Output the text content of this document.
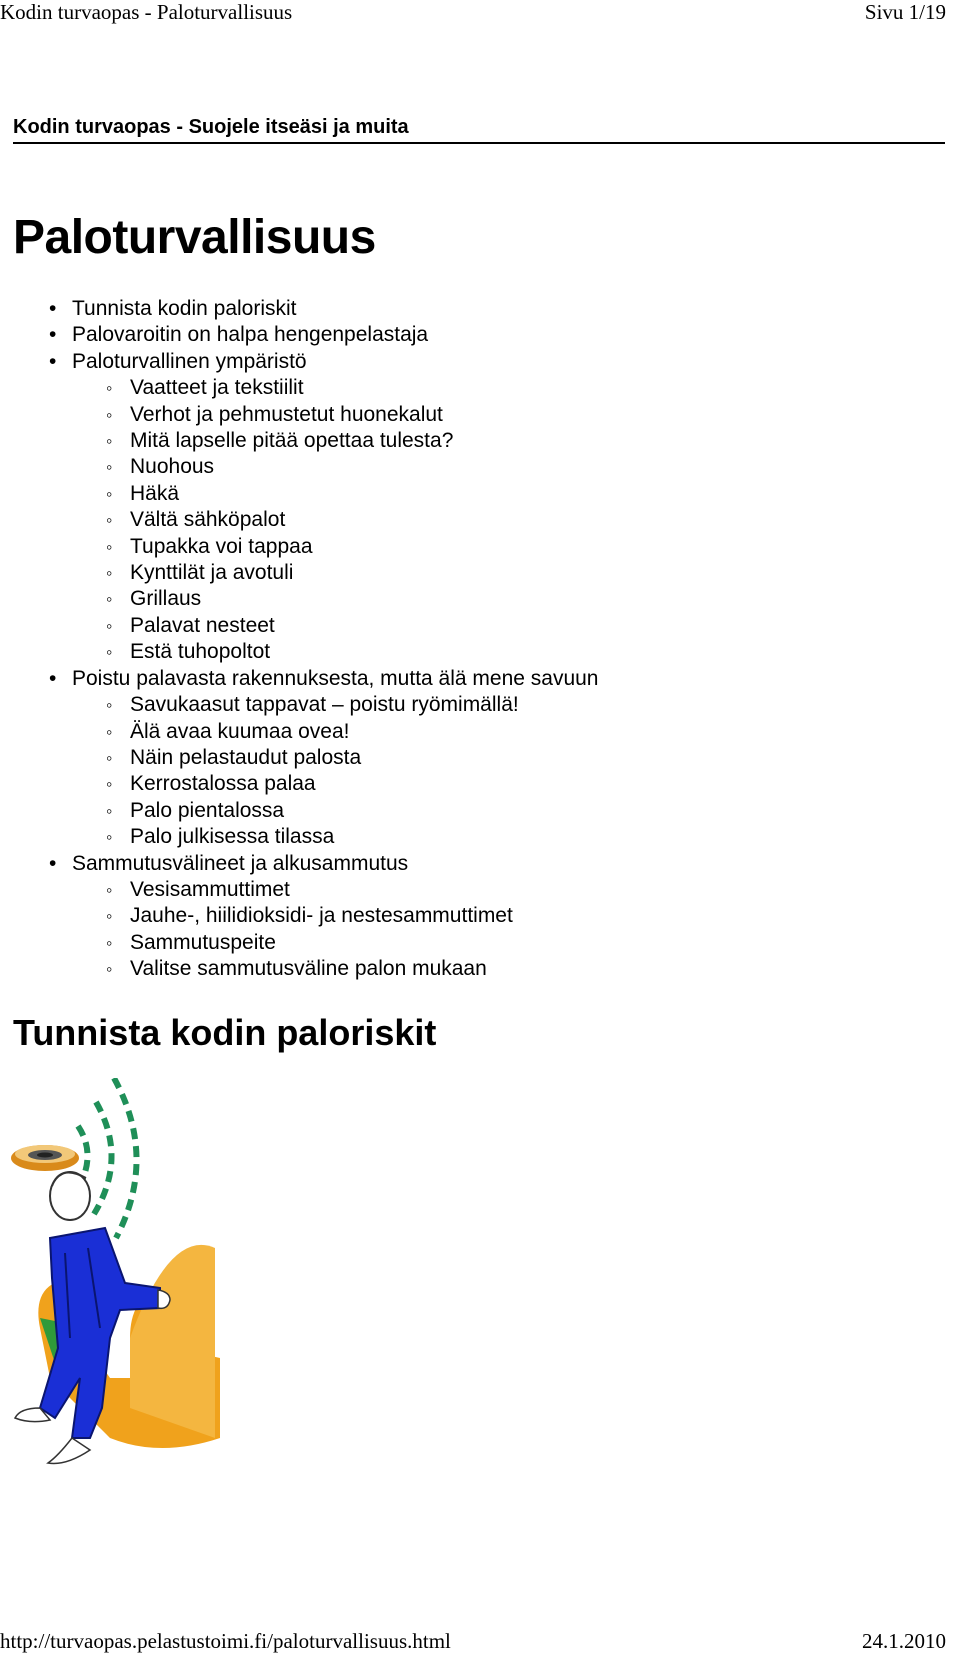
Kodin turvaopas - Paloturvallisuus	Sivu 1/19
Kodin turvaopas - Suojele itseäsi ja muita
Paloturvallisuus
• Tunnista kodin paloriskit
• Palovaroitin on halpa hengenpelastaja
• Paloturvallinen ympäristö
◦ Vaatteet ja tekstiilit
◦ Verhot ja pehmustetut huonekalut
◦ Mitä lapselle pitää opettaa tulesta?
◦ Nuohous
◦ Häkä
◦ Vältä sähköpalot
◦ Tupakka voi tappaa
◦ Kynttilät ja avotuli
◦ Grillaus
◦ Palavat nesteet
◦ Estä tuhopoltot
• Poistu palavasta rakennuksesta, mutta älä mene savuun
◦ Savukaasut tappavat – poistu ryömimällä!
◦ Älä avaa kuumaa ovea!
◦ Näin pelastaudut palosta
◦ Kerrostalossa palaa
◦ Palo pientalossa
◦ Palo julkisessa tilassa
• Sammutusvälineet ja alkusammutus
◦ Vesisammuttimet
◦ Jauhe-, hiilidioksidi- ja nestesammuttimet
◦ Sammutuspeite
◦ Valitse sammutusväline palon mukaan
Tunnista kodin paloriskit
http://turvaopas.pelastustoimi.fi/paloturvallisuus.html	24.1.2010
